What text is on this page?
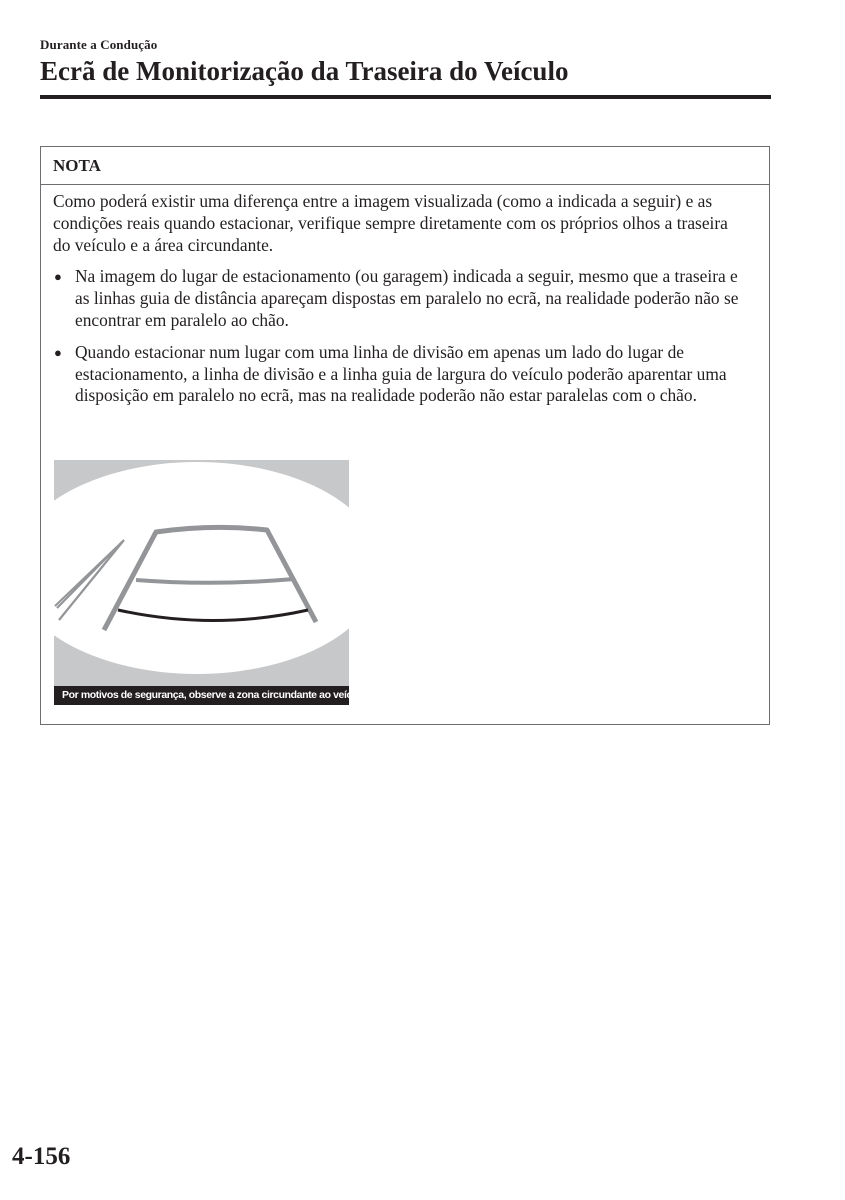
Durante a Condução
Ecrã de Monitorização da Traseira do Veículo
NOTA

Como poderá existir uma diferença entre a imagem visualizada (como a indicada a seguir) e as condições reais quando estacionar, verifique sempre diretamente com os próprios olhos a traseira do veículo e a área circundante.

● Na imagem do lugar de estacionamento (ou garagem) indicada a seguir, mesmo que a traseira e as linhas guia de distância apareçam dispostas em paralelo no ecrã, na realidade poderão não se encontrar em paralelo ao chão.
● Quando estacionar num lugar com uma linha de divisão em apenas um lado do lugar de estacionamento, a linha de divisão e a linha guia de largura do veículo poderão aparentar uma disposição em paralelo no ecrã, mas na realidade poderão não estar paralelas com o chão.
Por motivos de segurança, observe a zona circundante ao veículo
4-156
